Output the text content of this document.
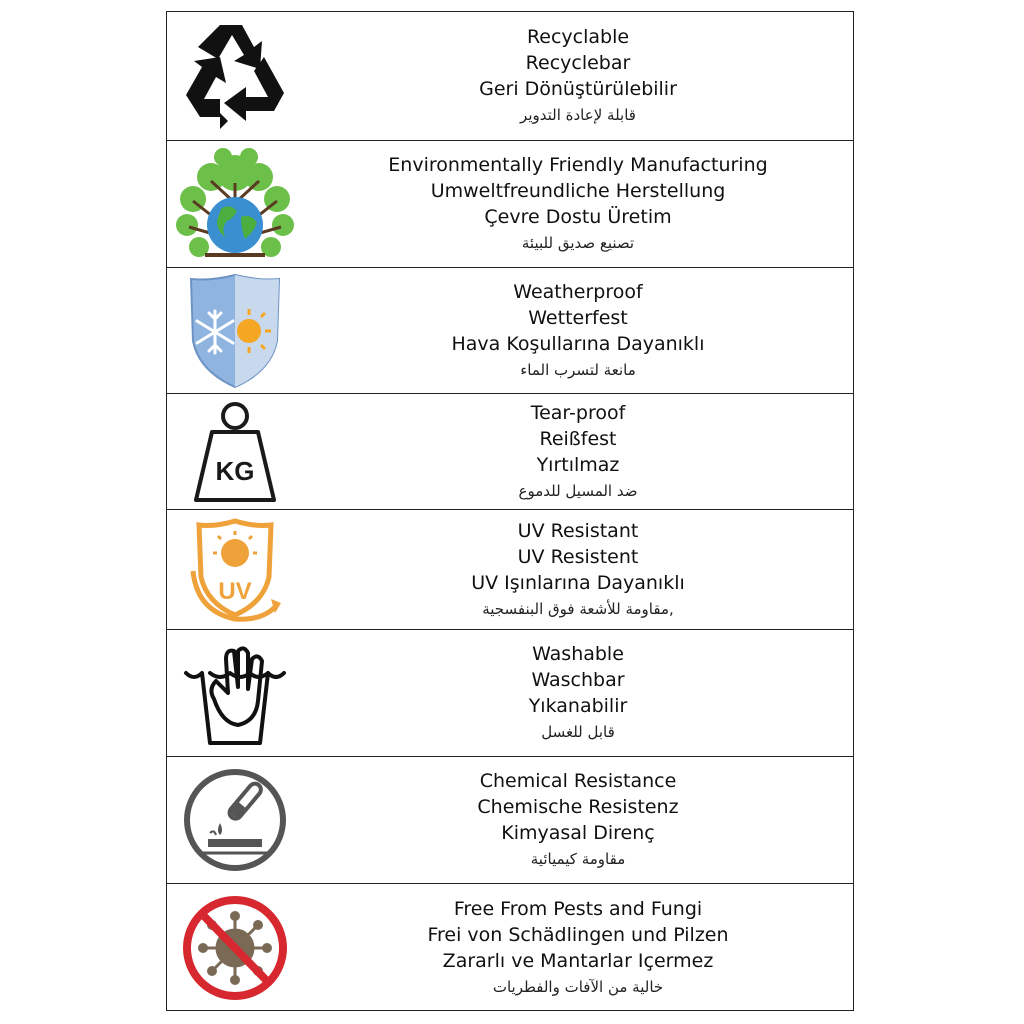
Recyclable
Recyclebar
Geri Dönüştürülebilir
قابلة لإعادة التدوير
Environmentally Friendly Manufacturing
Umweltfreundliche Herstellung
Çevre Dostu Üretim
تصنيع صديق للبيئة
Weatherproof
Wetterfest
Hava Koşullarına Dayanıklı
مانعة لتسرب الماء
KG
Tear-proof
Reißfest
Yırtılmaz
ضد المسيل للدموع
UV
UV Resistant
UV Resistent
UV Işınlarına Dayanıklı
,مقاومة للأشعة فوق البنفسجية
Washable
Waschbar
Yıkanabilir
قابل للغسل
Chemical Resistance
Chemische Resistenz
Kimyasal Direnç
مقاومة كيميائية
Free From Pests and Fungi
Frei von Schädlingen und Pilzen
Zararlı ve Mantarlar Içermez
خالية من الآفات والفطريات
